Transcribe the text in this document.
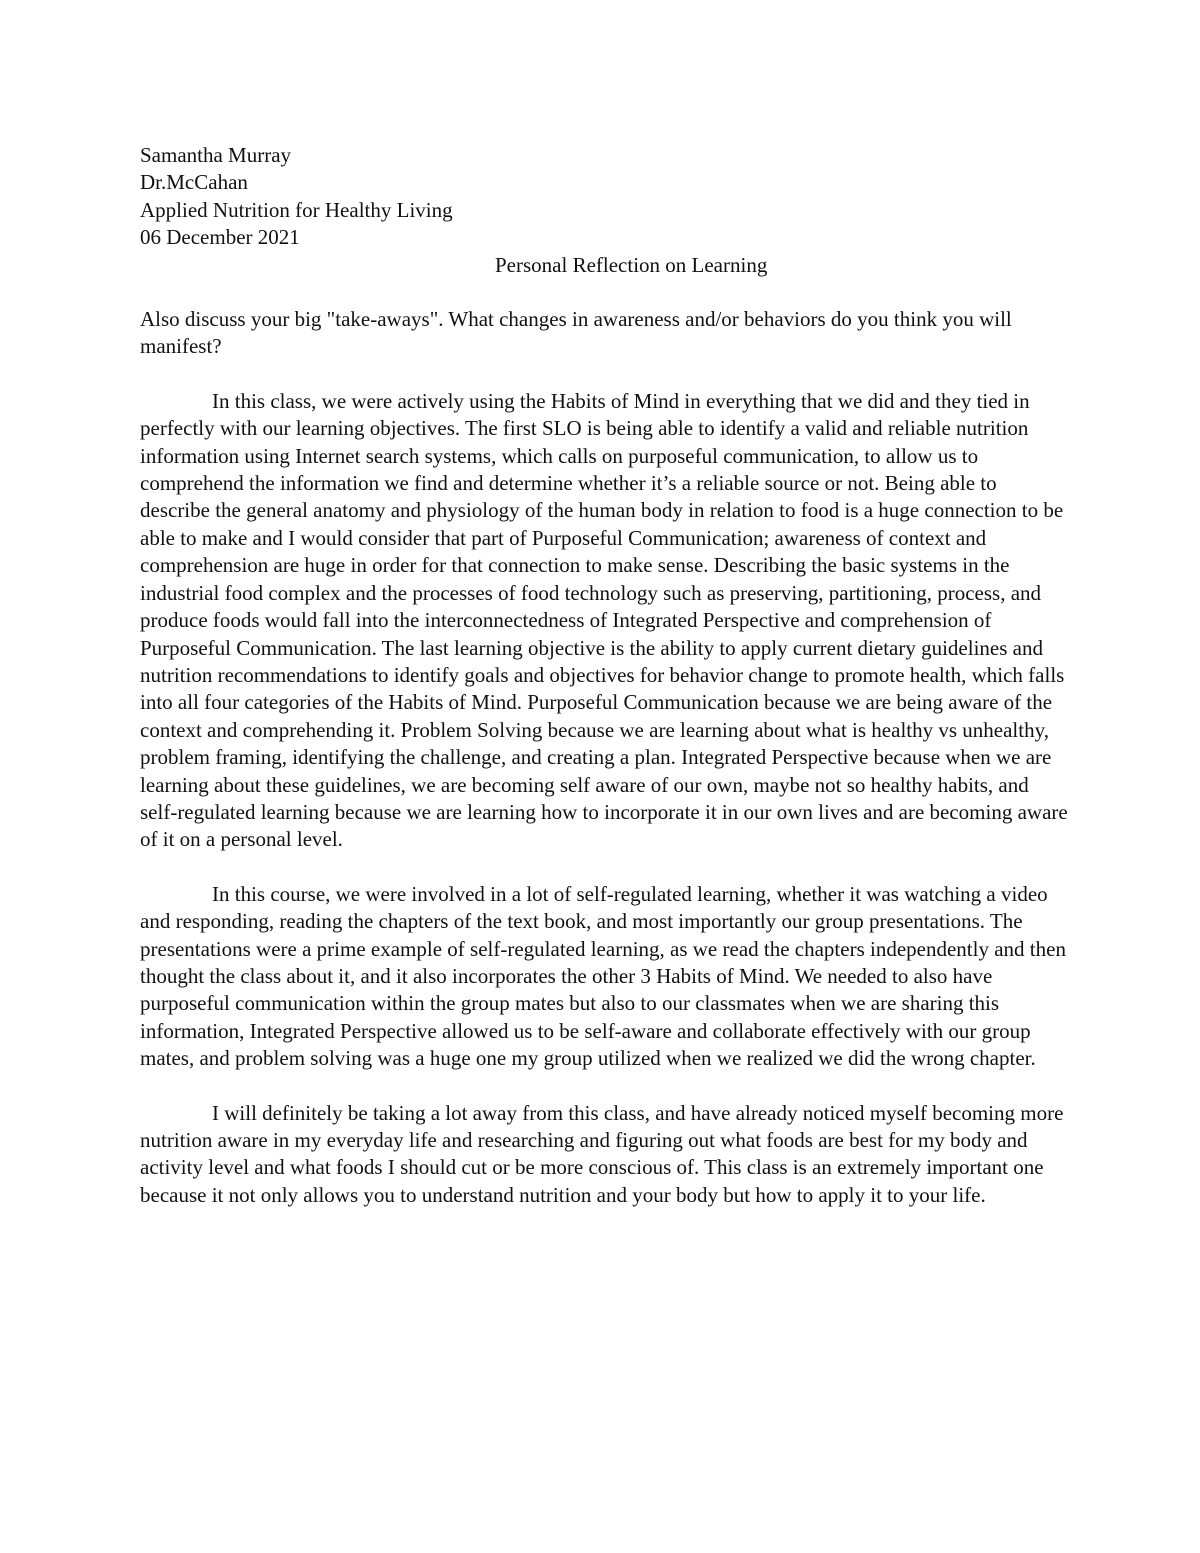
Samantha Murray

Dr.McCahan

Applied Nutrition for Healthy Living

06 December 2021

Personal Reflection on Learning

Also discuss your big "take-aways". What changes in awareness and/or behaviors do you think you will manifest?

In this class, we were actively using the Habits of Mind in everything that we did and they tied in perfectly with our learning objectives. The first SLO is being able to identify a valid and reliable nutrition information using Internet search systems, which calls on purposeful communication, to allow us to comprehend the information we find and determine whether it’s a reliable source or not. Being able to describe the general anatomy and physiology of the human body in relation to food is a huge connection to be able to make and I would consider that part of Purposeful Communication; awareness of context and comprehension are huge in order for that connection to make sense. Describing the basic systems in the industrial food complex and the processes of food technology such as preserving, partitioning, process, and produce foods would fall into the interconnectedness of Integrated Perspective and comprehension of Purposeful Communication. The last learning objective is the ability to apply current dietary guidelines and nutrition recommendations to identify goals and objectives for behavior change to promote health, which falls into all four categories of the Habits of Mind. Purposeful Communication because we are being aware of the context and comprehending it. Problem Solving because we are learning about what is healthy vs unhealthy, problem framing, identifying the challenge, and creating a plan. Integrated Perspective because when we are learning about these guidelines, we are becoming self aware of our own, maybe not so healthy habits, and self-regulated learning because we are learning how to incorporate it in our own lives and are becoming aware of it on a personal level.

In this course, we were involved in a lot of self-regulated learning, whether it was watching a video and responding, reading the chapters of the text book, and most importantly our group presentations. The presentations were a prime example of self-regulated learning, as we read the chapters independently and then thought the class about it, and it also incorporates the other 3 Habits of Mind. We needed to also have purposeful communication within the group mates but also to our classmates when we are sharing this information, Integrated Perspective allowed us to be self-aware and collaborate effectively with our group mates, and problem solving was a huge one my group utilized when we realized we did the wrong chapter.

I will definitely be taking a lot away from this class, and have already noticed myself becoming more nutrition aware in my everyday life and researching and figuring out what foods are best for my body and activity level and what foods I should cut or be more conscious of. This class is an extremely important one because it not only allows you to understand nutrition and your body but how to apply it to your life.
